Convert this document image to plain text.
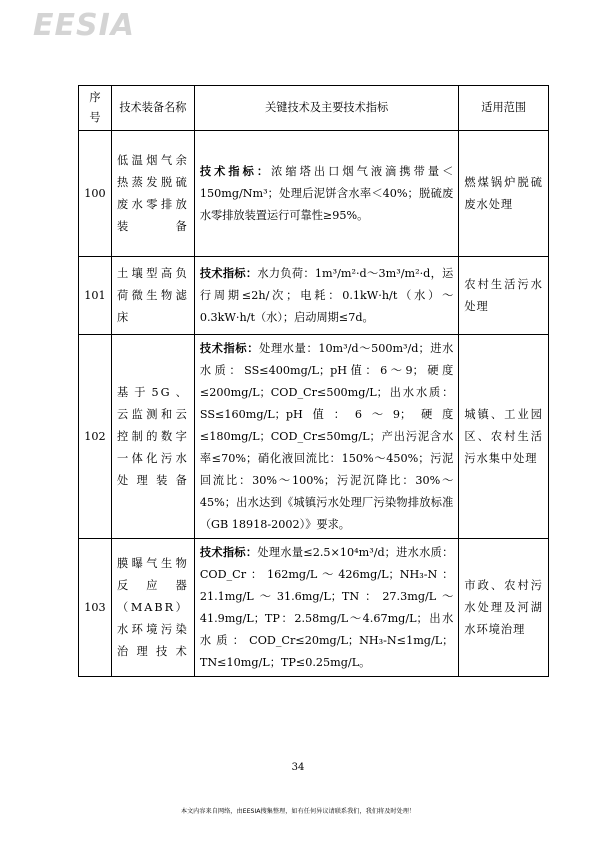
EESIA
序号	技术装备名称	关键技术及主要技术指标	适用范围
100	低温烟气余热蒸发脱硫废水零排放装备	技术指标：浓缩塔出口烟气液滴携带量＜150mg/Nm³；处理后泥饼含水率＜40%；脱硫废水零排放装置运行可靠性≥95%。	燃煤锅炉脱硫废水处理
101	土壤型高负荷微生物滤床	技术指标：水力负荷：1m³/m²·d～3m³/m²·d，运行周期≤2h/次；电耗：0.1kW·h/t（水）～0.3kW·h/t（水）；启动周期≤7d。	农村生活污水处理
102	基于5G、云监测和云控制的数字一体化污水处理装备	技术指标：处理水量：10m³/d～500m³/d；进水水质：SS≤400mg/L；pH值：6～9；硬度≤200mg/L；COD_Cr≤500mg/L；出水水质：SS≤160mg/L；pH值：6～9；硬度≤180mg/L；COD_Cr≤50mg/L；产出污泥含水率≤70%；硝化液回流比：150%～450%；污泥回流比：30%～100%；污泥沉降比：30%～45%；出水达到《城镇污水处理厂污染物排放标准（GB 18918-2002）》要求。	城镇、工业园区、农村生活污水集中处理
103	膜曝气生物反应器（MABR）水环境污染治理技术	技术指标：处理水量≤2.5×10⁴m³/d；进水水质：COD_Cr：162mg/L～426mg/L；NH₃-N：21.1mg/L～31.6mg/L；TN：27.3mg/L～41.9mg/L；TP：2.58mg/L～4.67mg/L；出水水质：COD_Cr≤20mg/L；NH₃-N≤1mg/L；TN≤10mg/L；TP≤0.25mg/L。	市政、农村污水处理及河湖水环境治理
34
本文内容来自网络，由EESIA搜集整理，如有任何异议请联系我们，我们将及时处理！
